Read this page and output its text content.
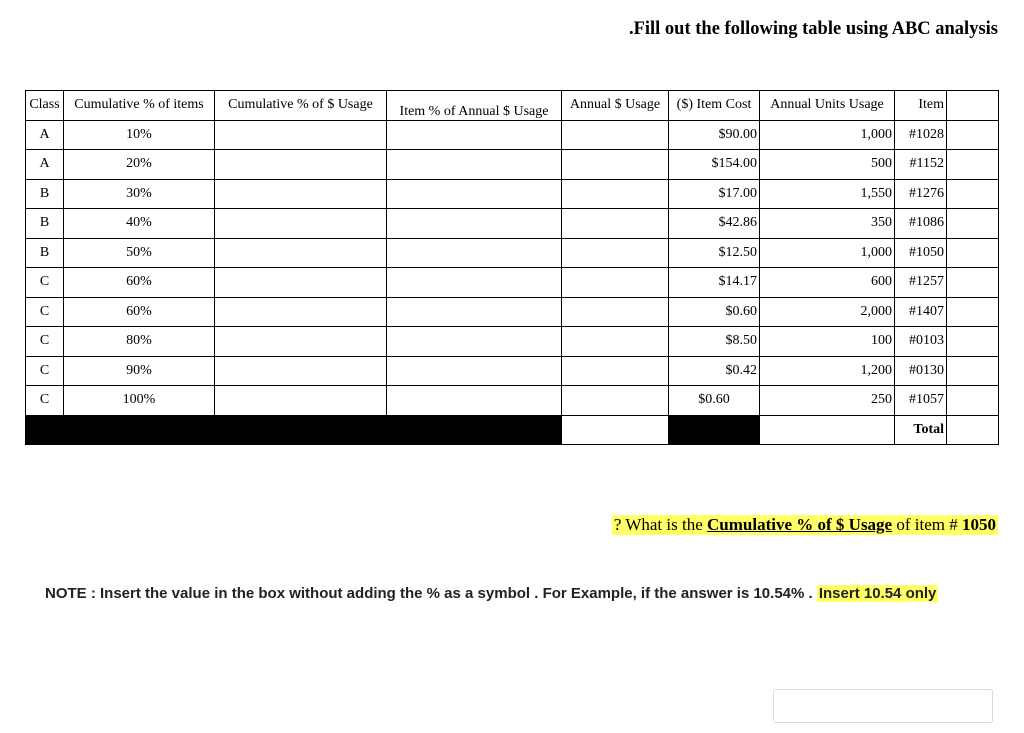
.Fill out the following table using ABC analysis
Class	Cumulative % of items	Cumulative % of $ Usage	Item % of Annual $ Usage	Annual $ Usage	($) Item Cost	Annual Units Usage	Item	
A	10%				$90.00	1,000	#1028	
A	20%				$154.00	500	#1152	
B	30%				$17.00	1,550	#1276	
B	40%				$42.86	350	#1086	
B	50%				$12.50	1,000	#1050	
C	60%				$14.17	600	#1257	
C	60%				$0.60	2,000	#1407	
C	80%				$8.50	100	#0103	
C	90%				$0.42	1,200	#0130	
C	100%				$0.60	250	#1057	
							Total	
? What is the Cumulative % of $ Usage of item # 1050
NOTE : Insert the value in the box without adding the % as a symbol . For Example, if the answer is 10.54% . Insert 10.54 only
